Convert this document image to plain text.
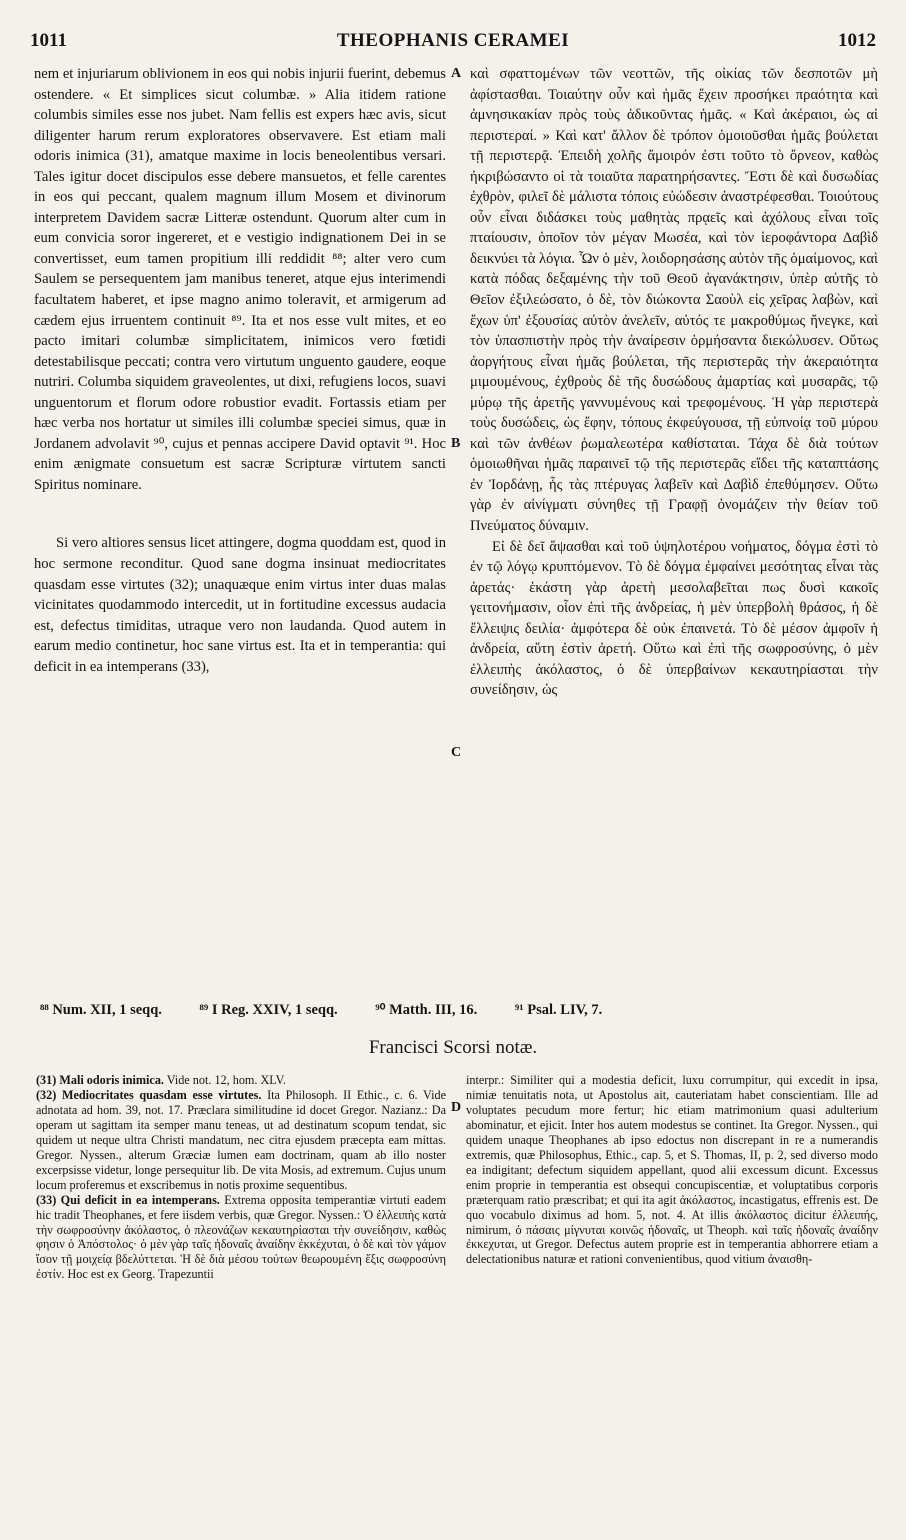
1011	THEOPHANIS CERAMEI	1012

nem et injuriarum oblivionem in eos qui nobis injurii fuerint, debemus ostendere. « Et simplices sicut columbæ. » Alia itidem ratione columbis similes esse nos jubet. Nam fellis est expers hæc avis, sicut diligenter harum rerum exploratores observavere. Est etiam mali odoris inimica (31), amatque maxime in locis beneolentibus versari. Tales igitur docet discipulos esse debere mansuetos, et felle carentes in eos qui peccant, qualem magnum illum Mosem et divinorum interpretem Davidem sacræ Litteræ ostendunt. Quorum alter cum in eum convicia soror ingereret, et e vestigio indignationem Dei in se convertisset, eum tamen propitium illi reddidit ⁸⁸; alter vero cum Saulem se persequentem jam manibus teneret, atque ejus interimendi facultatem haberet, et ipse magno animo toleravit, et armigerum ad cædem ejus irruentem continuit ⁸⁹. Ita et nos esse vult mites, et eo pacto imitari columbæ simplicitatem, inimicos vero fœtidi detestabilisque peccati; contra vero virtutum unguento gaudere, eoque nutriri. Columba siquidem graveolentes, ut dixi, refugiens locos, suavi unguentorum et florum odore robustior evadit. Fortassis etiam per hæc verba nos hortatur ut similes illi columbæ speciei simus, quæ in Jordanem advolavit ⁹⁰, cujus et pennas accipere David optavit ⁹¹. Hoc enim ænigmate consuetum est sacræ Scripturæ virtutem sancti Spiritus nominare.

Si vero altiores sensus licet attingere, dogma quoddam est, quod in hoc sermone reconditur. Quod sane dogma insinuat mediocritates quasdam esse virtutes (32); unaquæque enim virtus inter duas malas vicinitates quodammodo intercedit, ut in fortitudine excessus audacia est, defectus timiditas, utraque vero non laudanda. Quod autem in earum medio continetur, hoc sane virtus est. Ita et in temperantia: qui deficit in ea intemperans (33),

A
B
C
D

καὶ σφαττομένων τῶν νεοττῶν, τῆς οἰκίας τῶν δεσποτῶν μὴ ἀφίστασθαι. Τοιαύτην οὖν καὶ ἡμᾶς ἔχειν προσήκει πραότητα καὶ ἀμνησικακίαν πρὸς τοὺς ἀδικοῦντας ἡμᾶς. « Καὶ ἀκέραιοι, ὡς αἱ περιστεραί. » Καὶ κατ' ἄλλον δὲ τρόπον ὁμοιοῦσθαι ἡμᾶς βούλεται τῇ περιστερᾷ. Ἐπειδὴ χολῆς ἄμοιρόν ἐστι τοῦτο τὸ ὄρνεον, καθὼς ἠκριβώσαντο οἱ τὰ τοιαῦτα παρατηρήσαντες. Ἔστι δὲ καὶ δυσωδίας ἐχθρὸν, φιλεῖ δὲ μάλιστα τόποις εὐώδεσιν ἀναστρέφεσθαι. Τοιούτους οὖν εἶναι διδάσκει τοὺς μαθητὰς πρᾳεῖς καὶ ἀχόλους εἶναι τοῖς πταίουσιν, ὁποῖον τὸν μέγαν Μωσέα, καὶ τὸν ἱεροφάντορα Δαβὶδ δεικνύει τὰ λόγια. Ὧν ὁ μὲν, λοιδορησάσης αὐτὸν τῆς ὁμαίμονος, καὶ κατὰ πόδας δεξαμένης τὴν τοῦ Θεοῦ ἀγανάκτησιν, ὑπὲρ αὐτῆς τὸ Θεῖον ἐξιλεώσατο, ὁ δὲ, τὸν διώκοντα Σαοὺλ εἰς χεῖρας λαβὼν, καὶ ἔχων ὑπ' ἐξουσίας αὐτὸν ἀνελεῖν, αὐτός τε μακροθύμως ἤνεγκε, καὶ τὸν ὑπασπιστὴν πρὸς τὴν ἀναίρεσιν ὁρμήσαντα διεκώλυσεν. Οὕτως ἀοργήτους εἶναι ἡμᾶς βούλεται, τῆς περιστερᾶς τὴν ἀκεραιότητα μιμουμένους, ἐχθροὺς δὲ τῆς δυσώδους ἁμαρτίας καὶ μυσαρᾶς, τῷ μύρῳ τῆς ἀρετῆς γαννυμένους καὶ τρεφομένους. Ἡ γὰρ περιστερὰ τοὺς δυσώδεις, ὡς ἔφην, τόπους ἐκφεύγουσα, τῇ εὐπνοίᾳ τοῦ μύρου καὶ τῶν ἀνθέων ῥωμαλεωτέρα καθίσταται. Τάχα δὲ διὰ τούτων ὁμοιωθῆναι ἡμᾶς παραινεῖ τῷ τῆς περιστερᾶς εἴδει τῆς καταπτάσης ἐν Ἰορδάνῃ, ἧς τὰς πτέρυγας λαβεῖν καὶ Δαβὶδ ἐπεθύμησεν. Οὕτω γὰρ ἐν αἰνίγματι σύνηθες τῇ Γραφῇ ὀνομάζειν τὴν θείαν τοῦ Πνεύματος δύναμιν.

Εἰ δὲ δεῖ ἅψασθαι καὶ τοῦ ὑψηλοτέρου νοήματος, δόγμα ἐστὶ τὸ ἐν τῷ λόγῳ κρυπτόμενον. Τὸ δὲ δόγμα ἐμφαίνει μεσότητας εἶναι τὰς ἀρετάς· ἑκάστη γὰρ ἀρετὴ μεσολαβεῖται πως δυσὶ κακοῖς γειτονήμασιν, οἷον ἐπὶ τῆς ἀνδρείας, ἡ μὲν ὑπερβολὴ θράσος, ἡ δὲ ἔλλειψις δειλία· ἀμφότερα δὲ οὐκ ἐπαινετά. Τὸ δὲ μέσον ἀμφοῖν ἡ ἀνδρεία, αὕτη ἐστὶν ἀρετή. Οὕτω καὶ ἐπὶ τῆς σωφροσύνης, ὁ μὲν ἐλλειπὴς ἀκόλαστος, ὁ δὲ ὑπερβαίνων κεκαυτηρίασται τὴν συνείδησιν, ὡς

⁸⁸ Num. XII, 1 seqq.	⁸⁹ I Reg. XXIV, 1 seqq.	⁹⁰ Matth. III, 16.	⁹¹ Psal. LIV, 7.
Francisci Scorsi notæ.

(31) Mali odoris inimica. Vide not. 12, hom. XLV.

(32) Mediocritates quasdam esse virtutes. Ita Philosoph. II Ethic., c. 6. Vide adnotata ad hom. 39, not. 17. Præclara similitudine id docet Gregor. Nazianz.: Da operam ut sagittam ita semper manu teneas, ut ad destinatum scopum tendat, sic quidem ut neque ultra Christi mandatum, nec citra ejusdem præcepta eam mittas. Gregor. Nyssen., alterum Græciæ lumen eam doctrinam, quam ab illo noster excerpsisse videtur, longe persequitur lib. De vita Mosis, ad extremum. Cujus unum locum proferemus et exscribemus in notis proxime sequentibus.

(33) Qui deficit in ea intemperans. Extrema opposita temperantiæ virtuti eadem hic tradit Theophanes, et fere iisdem verbis, quæ Gregor. Nyssen.: Ὁ ἐλλειπὴς κατὰ τὴν σωφροσύνην ἀκόλαστος, ὁ πλεονάζων κεκαυτηρίασται τὴν συνείδησιν, καθὼς φησιν ὁ Ἀπόστολος· ὁ μὲν γὰρ ταῖς ἡδοναῖς ἀναίδην ἐκκέχυται, ὁ δὲ καὶ τὸν γάμον ἴσον τῇ μοιχείᾳ βδελύττεται. Ἡ δὲ διὰ μέσου τούτων θεωρουμένη ἕξις σωφροσύνη ἐστίν. Hoc est ex Georg. Trapezuntii

interpr.: Similiter qui a modestia deficit, luxu corrumpitur, qui excedit in ipsa, nimiæ tenuitatis nota, ut Apostolus ait, cauteriatam habet conscientiam. Ille ad voluptates pecudum more fertur; hic etiam matrimonium quasi adulterium abominatur, et ejicit. Inter hos autem modestus se continet. Ita Gregor. Nyssen., qui quidem unaque Theophanes ab ipso edoctus non discrepant in re a numerandis extremis, quæ Philosophus, Ethic., cap. 5, et S. Thomas, II, p. 2, sed diverso modo ea indigitant; defectum siquidem appellant, quod alii excessum dicunt. Excessus enim proprie in temperantia est obsequi concupiscentiæ, et voluptatibus corporis præterquam ratio præscribat; et qui ita agit ἀκόλαστος, incastigatus, effrenis est. De quo vocabulo diximus ad hom. 5, not. 4. At illis ἀκόλαστος dicitur ἐλλειπής, nimirum, ὁ πάσαις μίγνυται κοινῶς ἡδοναῖς, ut Theoph. καὶ ταῖς ἡδοναῖς ἀναίδην ἐκκεχυται, ut Gregor. Defectus autem proprie est in temperantia abhorrere etiam a delectationibus naturæ et rationi convenientibus, quod vitium ἀναισθη-
